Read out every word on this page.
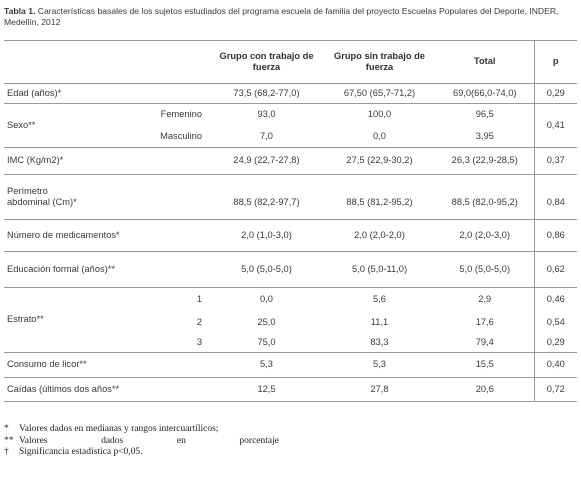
Tabla 1. Características basales de los sujetos estudiados del programa escuela de familia del proyecto Escuelas Populares del Deporte, INDER, Medellín, 2012
		Grupo con trabajo de fuerza	Grupo sin trabajo de fuerza	Total	p
Edad (años)*		73,5 (68,2-77,0)	67,50 (65,7-71,2)	69,0(66,0-74,0)	0,29
Sexo**	Femenino	93,0	100,0	96,5	0,41
	Masculino	7,0	0,0	3,95	
IMC (Kg/m2)*		24,9 (22,7-27,8)	27,5 (22,9-30,2)	26,3 (22,9-28,5)	0,37

Perímetro
abdominal (Cm)*		88,5 (82,2-97,7)	88,5 (81,2-95,2)	88,5 (82,0-95,2)	0,84
Número de medicamentos*		2,0 (1,0-3,0)	2,0 (2,0-2,0)	2,0 (2,0-3,0)	0,86
Educación formal (años)**		5,0 (5,0-5,0)	5,0 (5,0-11,0)	5,0 (5,0-5,0)	0,62
Estrato**	1	0,0	5,6	2,9	0,46
	2	25,0	11,1	17,6	0,54
	3	75,0	83,3	79,4	0,29
Consumo de licor**		5,3	5,3	15,5	0,40
Caídas (últimos dos años**		12,5	27,8	20,6	0,72
*	Valores dados en medianas y rangos intercuartílicos;
** Valores	dados	en	porcentaje
†	Significancia estadística p<0,05.
